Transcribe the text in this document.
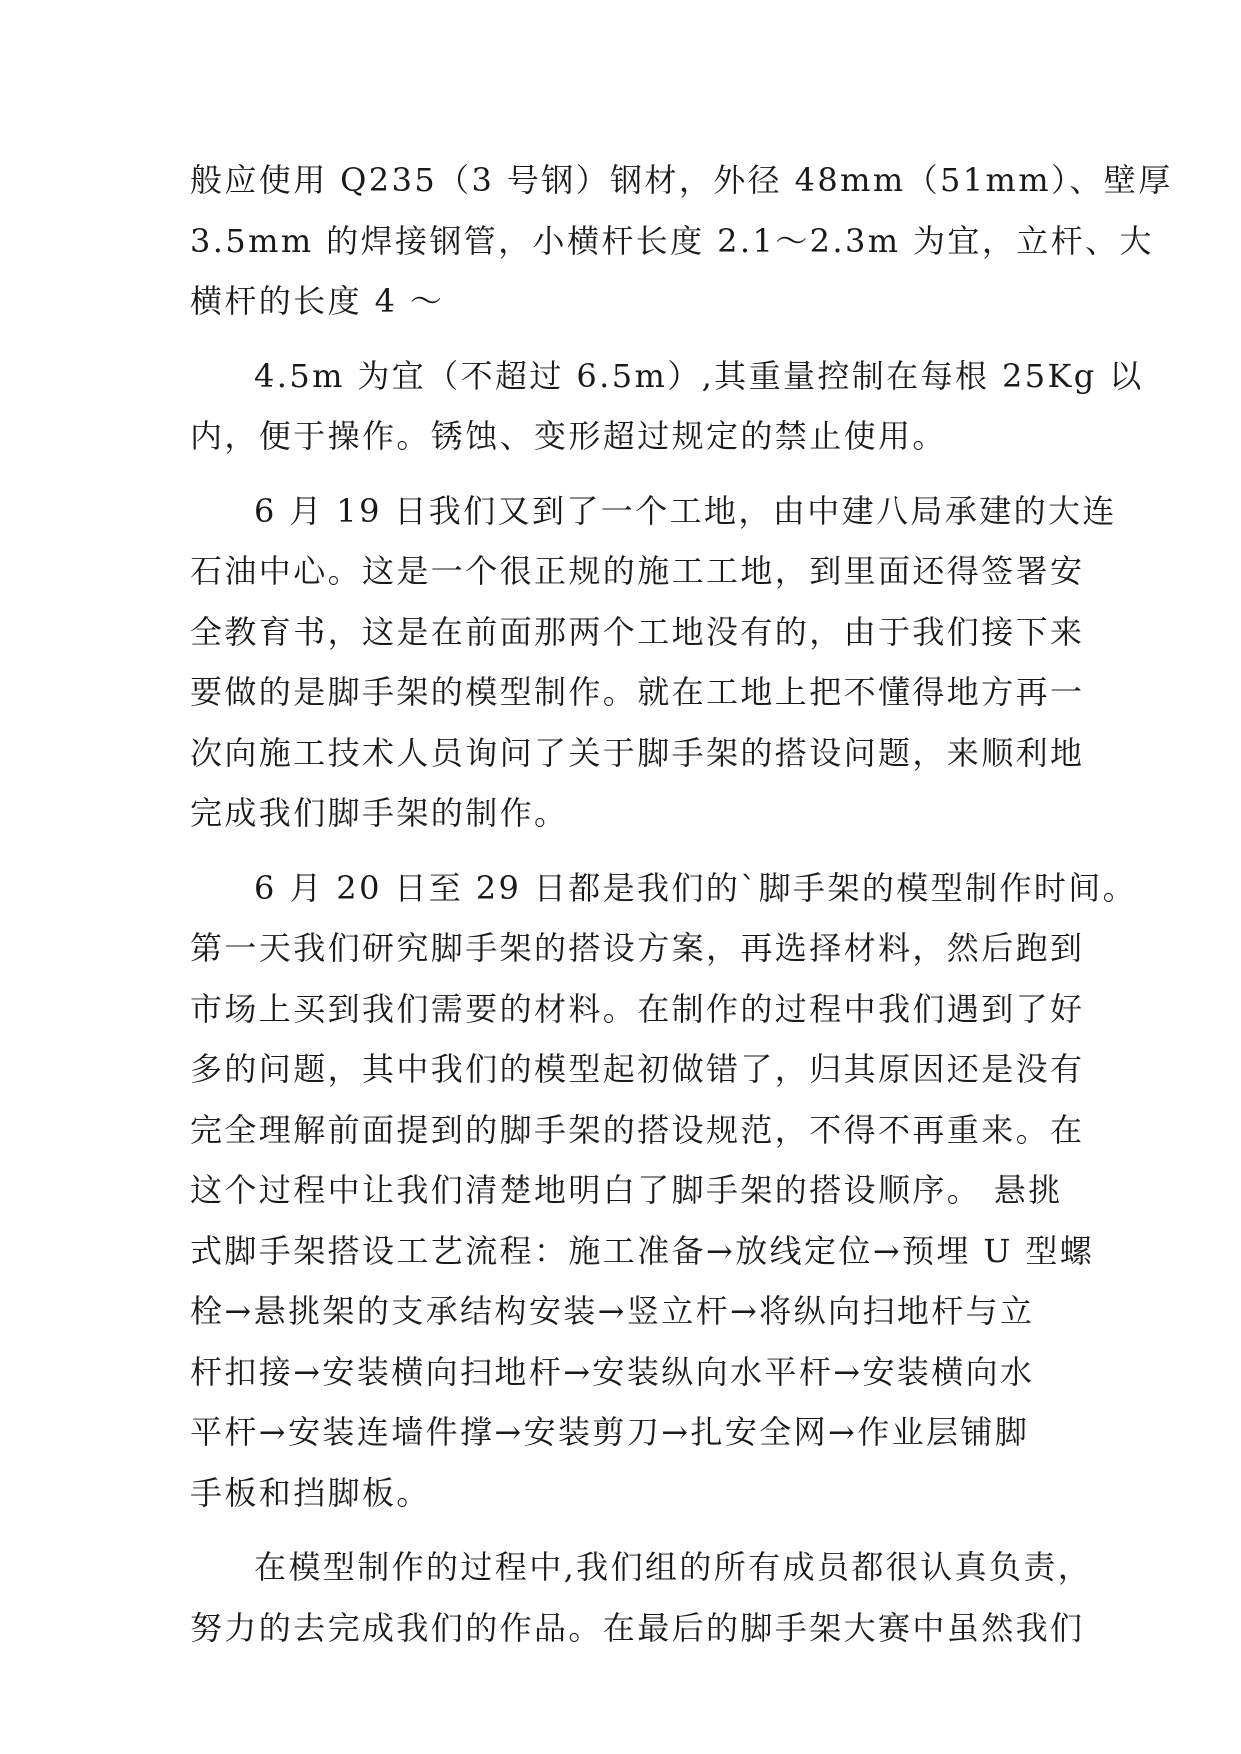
般应使用 Q235（3 号钢）钢材，外径 48mm（51mm）、壁厚
3.5mm 的焊接钢管，小横杆长度 2.1～2.3m 为宜，立杆、大
横杆的长度 4 ～
4.5m 为宜（不超过 6.5m）,其重量控制在每根 25Kg 以
内，便于操作。锈蚀、变形超过规定的禁止使用。
6 月 19 日我们又到了一个工地，由中建八局承建的大连
石油中心。这是一个很正规的施工工地，到里面还得签署安
全教育书，这是在前面那两个工地没有的，由于我们接下来
要做的是脚手架的模型制作。就在工地上把不懂得地方再一
次向施工技术人员询问了关于脚手架的搭设问题，来顺利地
完成我们脚手架的制作。
6 月 20 日至 29 日都是我们的`脚手架的模型制作时间。
第一天我们研究脚手架的搭设方案，再选择材料，然后跑到
市场上买到我们需要的材料。在制作的过程中我们遇到了好
多的问题，其中我们的模型起初做错了，归其原因还是没有
完全理解前面提到的脚手架的搭设规范，不得不再重来。在
这个过程中让我们清楚地明白了脚手架的搭设顺序。 悬挑
式脚手架搭设工艺流程：施工准备→放线定位→预埋 U 型螺
栓→悬挑架的支承结构安装→竖立杆→将纵向扫地杆与立
杆扣接→安装横向扫地杆→安装纵向水平杆→安装横向水
平杆→安装连墙件撑→安装剪刀→扎安全网→作业层铺脚
手板和挡脚板。
在模型制作的过程中,我们组的所有成员都很认真负责，
努力的去完成我们的作品。在最后的脚手架大赛中虽然我们
